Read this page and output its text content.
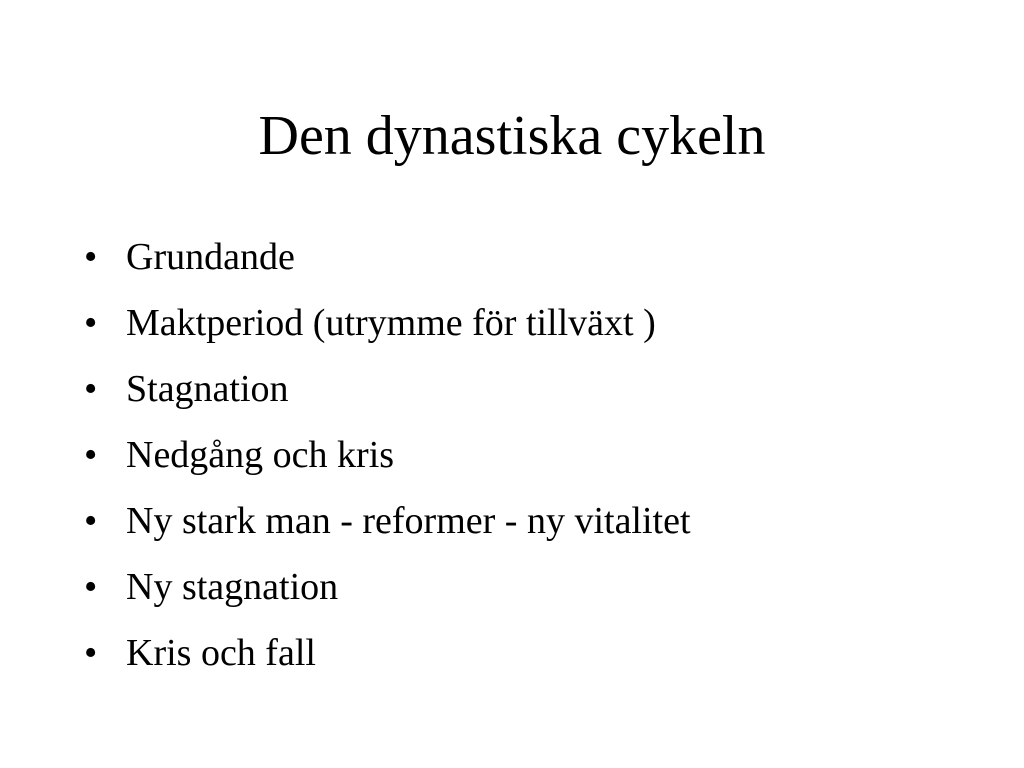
Den dynastiska cykeln
• Grundande
• Maktperiod (utrymme för tillväxt )
• Stagnation
• Nedgång och kris
• Ny stark man - reformer - ny vitalitet
• Ny stagnation
• Kris och fall
